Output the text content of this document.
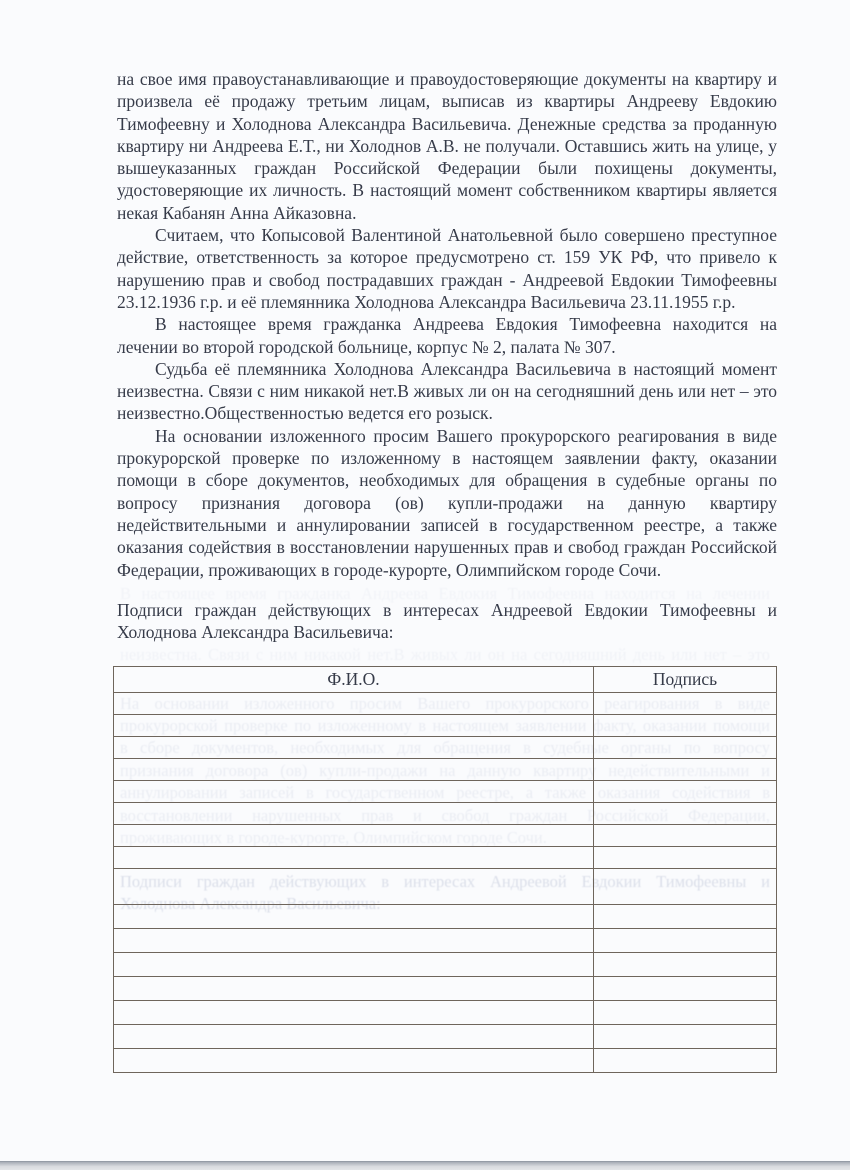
В настоящее время гражданка Андреева Евдокия Тимофеевна находится на лечении
неизвестна. Связи с ним никакой нет.В живых ли он на сегодняшний день или нет – это
На основании изложенного просим Вашего прокурорского реагирования в виде
прокурорской проверке по изложенному в настоящем заявлении факту, оказании помощи
в сборе документов, необходимых для обращения в судебные органы по вопросу
признания договора (ов) купли-продажи на данную квартиру недействительными и
аннулировании записей в государственном реестре, а также оказания содействия в
восстановлении нарушенных прав и свобод граждан Российской Федерации,
проживающих в городе-курорте, Олимпийском городе Сочи.
Подписи граждан действующих в интересах Андреевой Евдокии Тимофеевны и
Холоднова Александра Васильевича:

на свое имя правоустанавливающие и правоудостоверяющие документы на квартиру и произвела её продажу третьим лицам, выписав из квартиры Андрееву Евдокию Тимофеевну и Холоднова Александра Васильевича. Денежные средства за проданную квартиру ни Андреева Е.Т., ни Холоднов А.В. не получали. Оставшись жить на улице, у вышеуказанных граждан Российской Федерации были похищены документы, удостоверяющие их личность. В настоящий момент собственником квартиры является некая Кабанян Анна Айказовна.

Считаем, что Копысовой Валентиной Анатольевной было совершено преступное действие, ответственность за которое предусмотрено ст. 159 УК РФ, что привело к нарушению прав и свобод пострадавших граждан - Андреевой Евдокии Тимофеевны 23.12.1936 г.р. и её племянника Холоднова Александра Васильевича 23.11.1955 г.р.

В настоящее время гражданка Андреева Евдокия Тимофеевна находится на лечении во второй городской больнице, корпус № 2, палата № 307.

Судьба её племянника Холоднова Александра Васильевича в настоящий момент неизвестна. Связи с ним никакой нет.В живых ли он на сегодняшний день или нет – это неизвестно.Общественностью ведется его розыск.

На основании изложенного просим Вашего прокурорского реагирования в виде прокурорской проверке по изложенному в настоящем заявлении факту, оказании помощи в сборе документов, необходимых для обращения в судебные органы по вопросу признания договора (ов) купли-продажи на данную квартиру недействительными и аннулировании записей в государственном реестре, а также оказания содействия в восстановлении нарушенных прав и свобод граждан Российской Федерации, проживающих в городе-курорте, Олимпийском городе Сочи.

Подписи граждан действующих в интересах Андреевой Евдокии Тимофеевны и Холоднова Александра Васильевича:

Ф.И.О.	Подпись
